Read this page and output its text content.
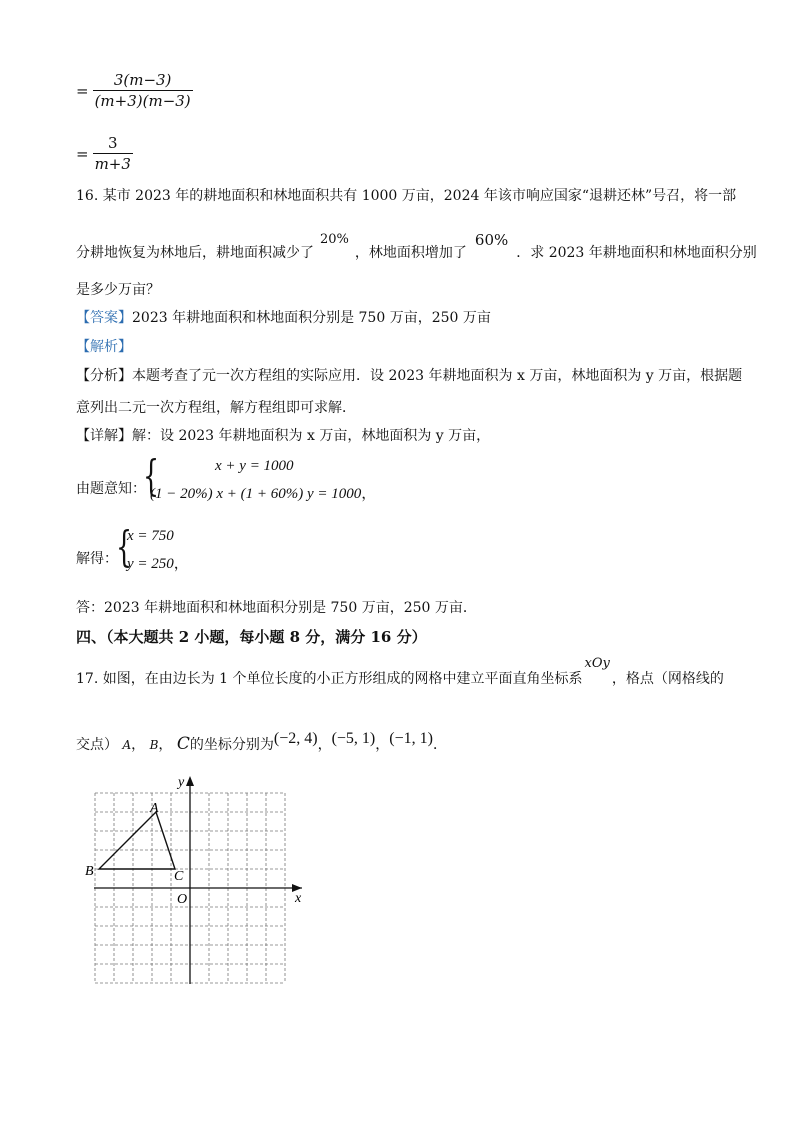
= $\frac{3(m-3)}{(m+3)(m-3)}$
= $\frac{3}{m+3}$
16. 某市 2023 年的耕地面积和林地面积共有 1000 万亩，2024 年该市响应国家“退耕还林”号召，将一部
分耕地恢复为林地后，耕地面积减少了20%，林地面积增加了60%．求 2023 年耕地面积和林地面积分别
是多少万亩？
【答案】2023 年耕地面积和林地面积分别是 750 万亩，250 万亩
【解析】
【分析】本题考查了元一次方程组的实际应用．设 2023 年耕地面积为 x 万亩，林地面积为 y 万亩，根据题
意列出二元一次方程组，解方程组即可求解．
【详解】解：设 2023 年耕地面积为 x 万亩，林地面积为 y 万亩，
由题意知：
{	x + y = 1000
(1 − 20%) x + (1 + 60%) y = 1000，
解得：
{
x = 750
y = 250，
答：2023 年耕地面积和林地面积分别是 750 万亩，250 万亩．
四、（本大题共 2 小题，每小题 8 分，满分 16 分）
17. 如图，在由边长为 1 个单位长度的小正方形组成的网格中建立平面直角坐标系xOy，格点（网格线的
交点） A， B， C的坐标分别为(−2, 4)，(−5, 1)，(−1, 1)．
A
B	C
O	x
y
